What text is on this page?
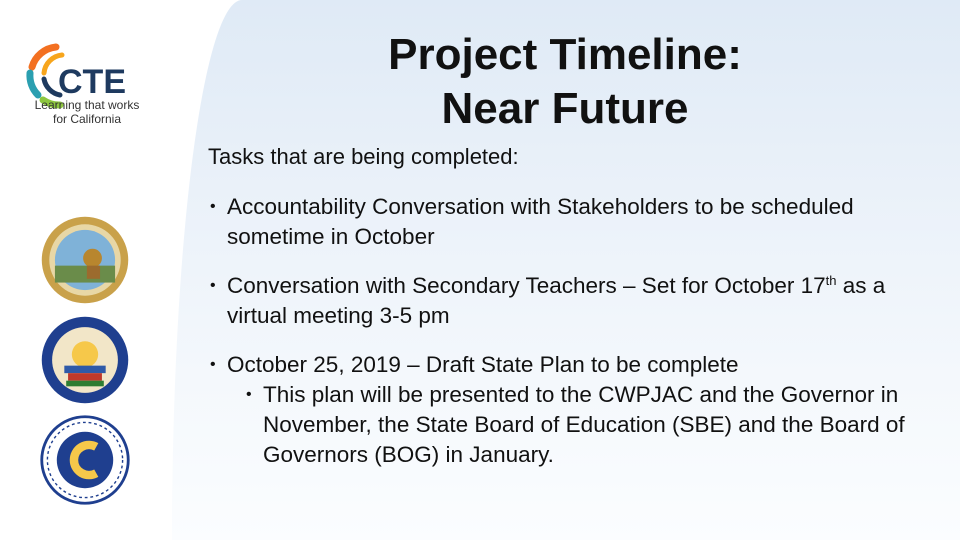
CTE
Learning that works
for California
Project Timeline:
Near Future
Tasks that are being completed:
• Accountability Conversation with Stakeholders to be scheduled sometime in October
• Conversation with Secondary Teachers – Set for October 17th as a virtual meeting 3-5 pm
• October 25, 2019 – Draft State Plan to be complete
• This plan will be presented to the CWPJAC and the Governor in November, the State Board of Education (SBE) and the Board of Governors (BOG) in January.
